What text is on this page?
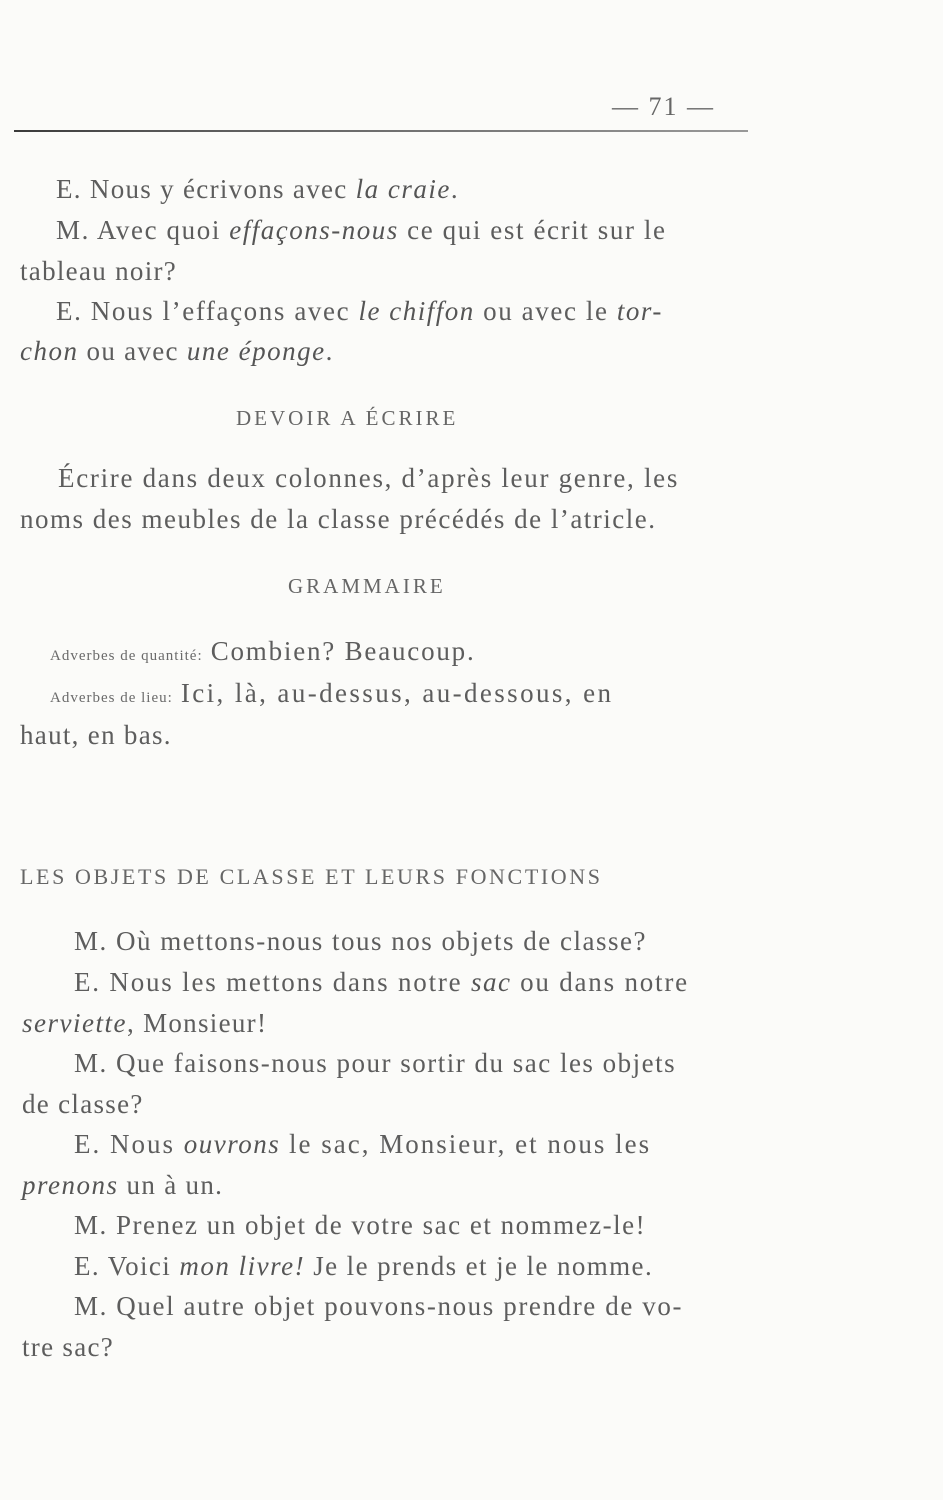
— 71 —
E. Nous y écrivons avec la craie.
M. Avec quoi effaçons-nous ce qui est écrit sur le
tableau noir?
E. Nous l’effaçons avec le chiffon ou avec le tor-
chon ou avec une éponge.
DEVOIR A ÉCRIRE
Écrire dans deux colonnes, d’après leur genre, les
noms des meubles de la classe précédés de l’atricle.
GRAMMAIRE
Adverbes de quantité: Combien? Beaucoup.
Adverbes de lieu: Ici, là, au-dessus, au-dessous, en
haut, en bas.
LES OBJETS DE CLASSE ET LEURS FONCTIONS
M. Où mettons-nous tous nos objets de classe?
E. Nous les mettons dans notre sac ou dans notre
serviette, Monsieur!
M. Que faisons-nous pour sortir du sac les objets
de classe?
E. Nous ouvrons le sac, Monsieur, et nous les
prenons un à un.
M. Prenez un objet de votre sac et nommez-le!
E. Voici mon livre! Je le prends et je le nomme.
M. Quel autre objet pouvons-nous prendre de vo-
tre sac?
